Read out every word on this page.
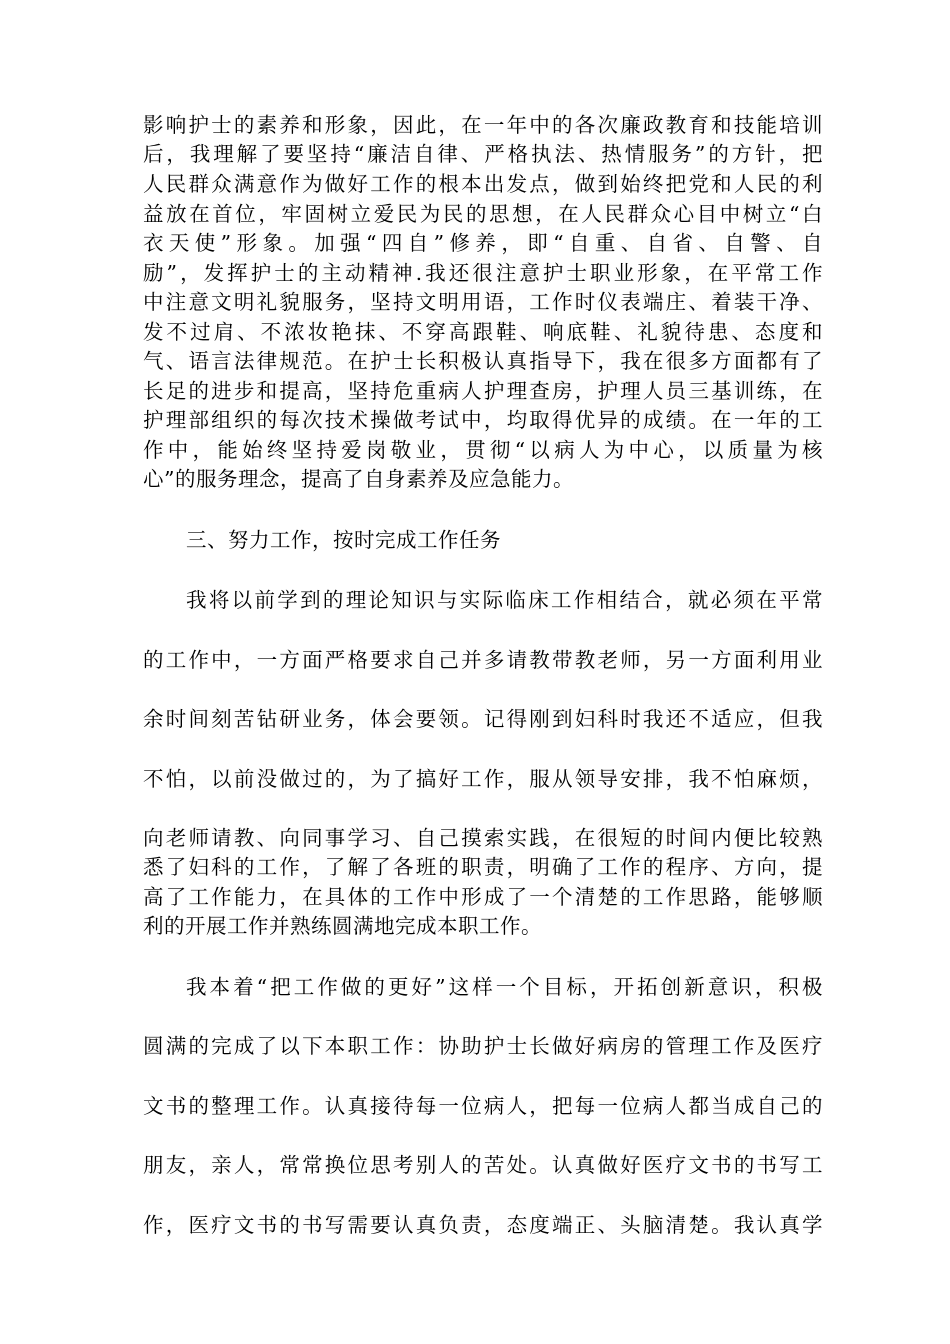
影响护士的素养和形象，因此，在一年中的各次廉政教育和技能培训
后，我理解了要坚持“廉洁自律、严格执法、热情服务”的方针，把
人民群众满意作为做好工作的根本出发点，做到始终把党和人民的利
益放在首位，牢固树立爱民为民的思想，在人民群众心目中树立“白
衣天使”形象。加强“四自”修养，即“自重、自省、自警、自
励”，发挥护士的主动精神.我还很注意护士职业形象，在平常工作
中注意文明礼貌服务，坚持文明用语，工作时仪表端庄、着装干净、
发不过肩、不浓妆艳抹、不穿高跟鞋、响底鞋、礼貌待患、态度和
气、语言法律规范。在护士长积极认真指导下，我在很多方面都有了
长足的进步和提高，坚持危重病人护理查房，护理人员三基训练，在
护理部组织的每次技术操做考试中，均取得优异的成绩。在一年的工
作中，能始终坚持爱岗敬业，贯彻“以病人为中心，以质量为核
心”的服务理念，提高了自身素养及应急能力。
三、努力工作，按时完成工作任务
我将以前学到的理论知识与实际临床工作相结合，就必须在平常
的工作中，一方面严格要求自己并多请教带教老师，另一方面利用业
余时间刻苦钻研业务，体会要领。记得刚到妇科时我还不适应，但我
不怕，以前没做过的，为了搞好工作，服从领导安排，我不怕麻烦，
向老师请教、向同事学习、自己摸索实践，在很短的时间内便比较熟
悉了妇科的工作，了解了各班的职责，明确了工作的程序、方向，提
高了工作能力，在具体的工作中形成了一个清楚的工作思路，能够顺
利的开展工作并熟练圆满地完成本职工作。
我本着“把工作做的更好”这样一个目标，开拓创新意识，积极
圆满的完成了以下本职工作：协助护士长做好病房的管理工作及医疗
文书的整理工作。认真接待每一位病人，把每一位病人都当成自己的
朋友，亲人，常常换位思考别人的苦处。认真做好医疗文书的书写工
作，医疗文书的书写需要认真负责，态度端正、头脑清楚。我认真学
